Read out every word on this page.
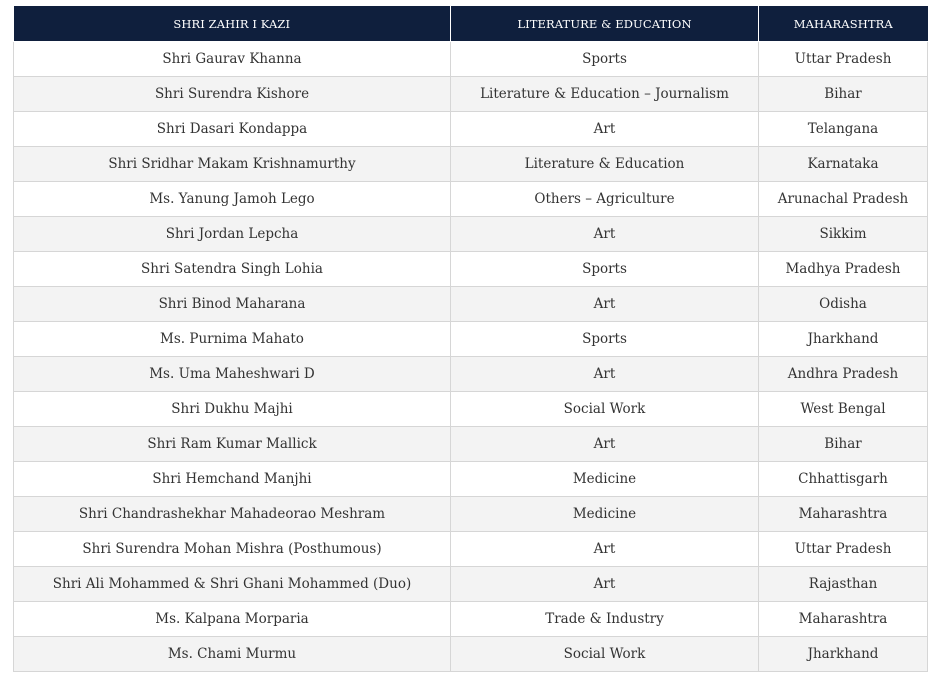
SHRI ZAHIR I KAZI	LITERATURE & EDUCATION	MAHARASHTRA
Shri Gaurav Khanna	Sports	Uttar Pradesh
Shri Surendra Kishore	Literature & Education – Journalism	Bihar
Shri Dasari Kondappa	Art	Telangana
Shri Sridhar Makam Krishnamurthy	Literature & Education	Karnataka
Ms. Yanung Jamoh Lego	Others – Agriculture	Arunachal Pradesh
Shri Jordan Lepcha	Art	Sikkim
Shri Satendra Singh Lohia	Sports	Madhya Pradesh
Shri Binod Maharana	Art	Odisha
Ms. Purnima Mahato	Sports	Jharkhand
Ms. Uma Maheshwari D	Art	Andhra Pradesh
Shri Dukhu Majhi	Social Work	West Bengal
Shri Ram Kumar Mallick	Art	Bihar
Shri Hemchand Manjhi	Medicine	Chhattisgarh
Shri Chandrashekhar Mahadeorao Meshram	Medicine	Maharashtra
Shri Surendra Mohan Mishra (Posthumous)	Art	Uttar Pradesh
Shri Ali Mohammed & Shri Ghani Mohammed (Duo)	Art	Rajasthan
Ms. Kalpana Morparia	Trade & Industry	Maharashtra
Ms. Chami Murmu	Social Work	Jharkhand
